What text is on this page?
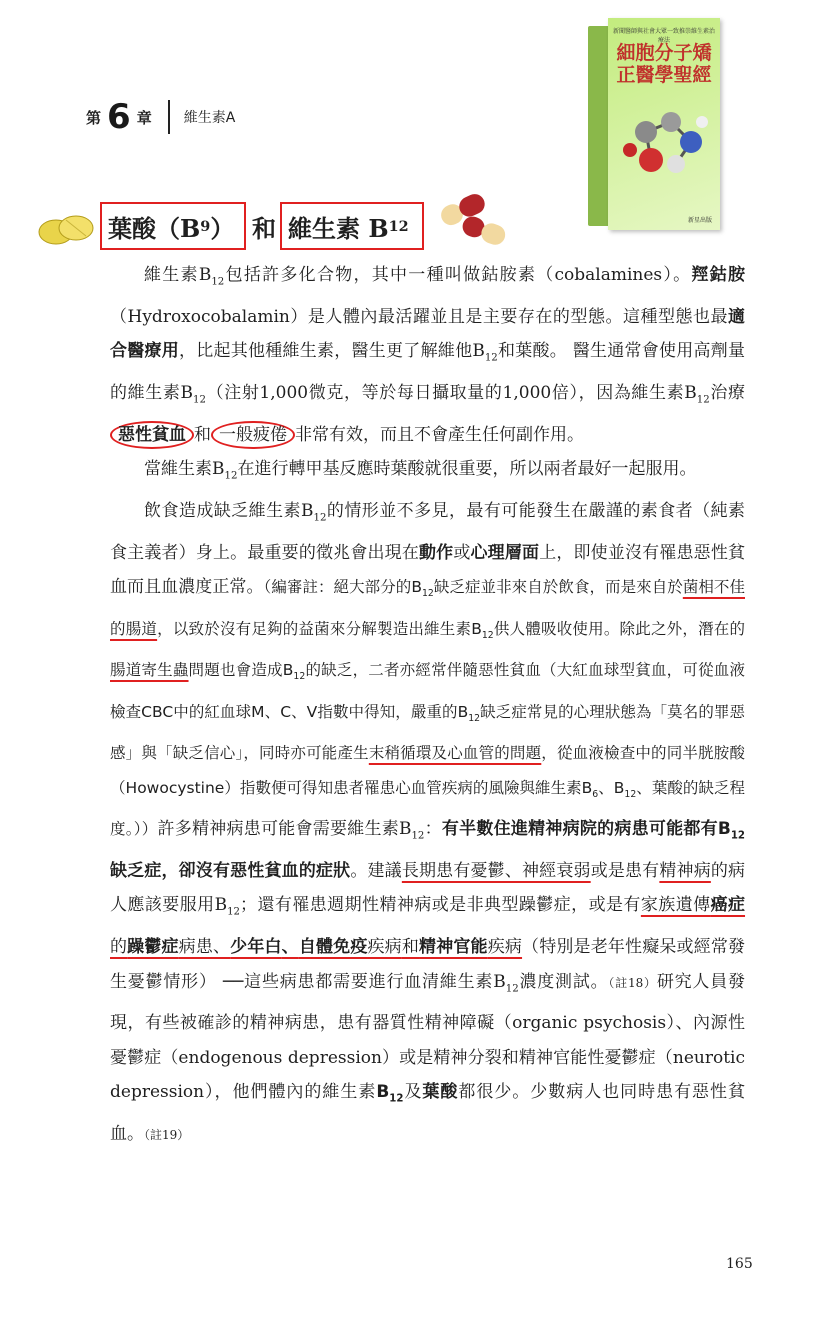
第 6 章 維生素A
新聞醫師與社會大眾一致推崇維生素治療法
細胞分子矯正醫學聖經
新星出版
葉酸（B 9 ） 和 維生素 B 12

維生素$B_{12}$包括許多化合物，其中一種叫做鈷胺素（cobalamines）。羥鈷胺（Hydroxocobalamin）是人體內最活躍並且是主要存在的型態。這種型態也最適合醫療用，比起其他種維生素，醫生更了解維他$B_{12}$和葉酸。 醫生通常會使用高劑量的維生素$B_{12}$（注射1,000微克，等於每日攝取量的1,000倍），因為維生素$B_{12}$治療惡性貧血 和 一般疲倦 非常有效，而且不會產生任何副作用。

當維生素$B_{12}$在進行轉甲基反應時葉酸就很重要，所以兩者最好一起服用。

飲食造成缺乏維生素$B_{12}$的情形並不多見，最有可能發生在嚴謹的素食者（純素食主義者）身上。最重要的徵兆會出現在動作或心理層面上，即使並沒有罹患惡性貧血而且血濃度正常。（編審註：絕大部分的$B_{12}$缺乏症並非來自於飲食，而是來自於菌相不佳的腸道，以致於沒有足夠的益菌來分解製造出維生素$B_{12}$供人體吸收使用。除此之外，潛在的腸道寄生蟲問題也會造成$B_{12}$的缺乏，二者亦經常伴隨惡性貧血（大紅血球型貧血，可從血液檢查CBC中的紅血球M、C、V指數中得知，嚴重的$B_{12}$缺乏症常見的心理狀態為「莫名的罪惡感」與「缺乏信心」，同時亦可能產生末稍循環及心血管的問題，從血液檢查中的同半胱胺酸（Howocystine）指數便可得知患者罹患心血管疾病的風險與維生素$B_6$、$B_{12}$、葉酸的缺乏程度。））許多精神病患可能會需要維生素$B_{12}$：有半數住進精神病院的病患可能都有$B_{12}$缺乏症，卻沒有惡性貧血的症狀。建議長期患有憂鬱、神經衰弱或是患有精神病的病人應該要服用$B_{12}$；還有罹患週期性精神病或是非典型躁鬱症，或是有家族遺傳癌症的躁鬱症病患、少年白、自體免疫疾病和精神官能疾病（特別是老年性癡呆或經常發生憂鬱情形） ──這些病患都需要進行血清維生素$B_{12}$濃度測試。（註18）研究人員發現，有些被確診的精神病患，患有器質性精神障礙（organic psychosis）、內源性憂鬱症（endogenous depression）或是精神分裂和精神官能性憂鬱症（neurotic depression），他們體內的維生素$B_{12}$及葉酸都很少。少數病人也同時患有惡性貧血。（註19）

165
